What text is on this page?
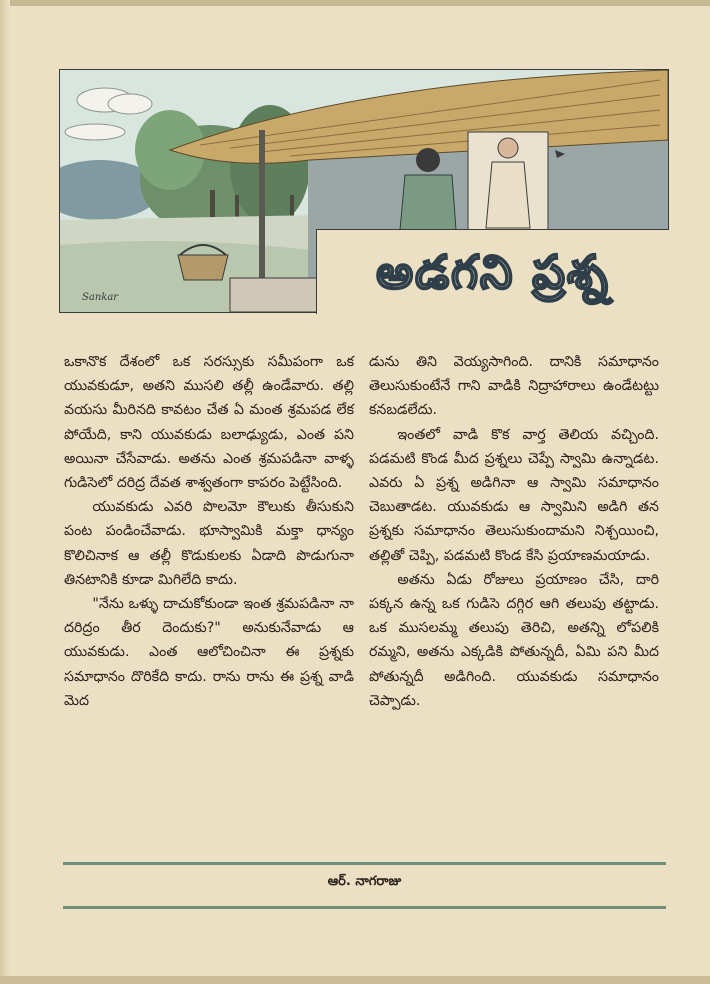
Sankar	అడగని ప్రశ్న

ఒకానొక దేశంలో ఒక సరస్సుకు సమీపంగా ఒక యువకుడూ, అతని ముసలి తల్లీ ఉండేవారు. తల్లి వయసు మీరినది కావటం చేత ఏ మంత శ్రమపడ లేక పోయేది, కాని యువకుడు బలాఢ్యుడు, ఎంత పని అయినా చేసేవాడు. అతను ఎంత శ్రమపడినా వాళ్ళ గుడిసెలో దరిద్ర దేవత శాశ్వతంగా కాపరం పెట్టేసింది.

యువకుడు ఎవరి పొలమో కౌలుకు తీసుకుని పంట పండించేవాడు. భూస్వామికి మక్తా ధాన్యం కొలిచినాక ఆ తల్లీ కొడుకులకు ఏడాది పొడుగునా తినటానికి కూడా మిగిలేది కాదు.

"నేను ఒళ్ళు దాచుకోకుండా ఇంత శ్రమపడినా నా దరిద్రం తీర దెందుకు?" అనుకునేవాడు ఆ యువకుడు. ఎంత ఆలోచించినా ఈ ప్రశ్నకు సమాధానం దొరికేది కాదు. రాను రాను ఈ ప్రశ్న వాడి మెద

డును తిని వెయ్యసాగింది. దానికి సమాధానం తెలుసుకుంటేనే గాని వాడికి నిద్రాహారాలు ఉండేటట్టు కనబడలేదు.

ఇంతలో వాడి కొక వార్త తెలియ వచ్చింది. పడమటి కొండ మీద ప్రశ్నలు చెప్పే స్వామి ఉన్నాడట. ఎవరు ఏ ప్రశ్న అడిగినా ఆ స్వామి సమాధానం చెబుతాడట. యువకుడు ఆ స్వామిని అడిగి తన ప్రశ్నకు సమాధానం తెలుసుకుందామని నిశ్చయించి, తల్లితో చెప్పి, పడమటి కొండ కేసి ప్రయాణమయాడు.

అతను ఏడు రోజులు ప్రయాణం చేసి, దారి పక్కన ఉన్న ఒక గుడిసె దగ్గిర ఆగి తలుపు తట్టాడు. ఒక ముసలమ్మ తలుపు తెరిచి, అతన్ని లోపలికి రమ్మని, అతను ఎక్కడికి పోతున్నదీ, ఏమి పని మీద పోతున్నదీ అడిగింది. యువకుడు సమాధానం చెప్పాడు.

ఆర్. నాగరాజు
